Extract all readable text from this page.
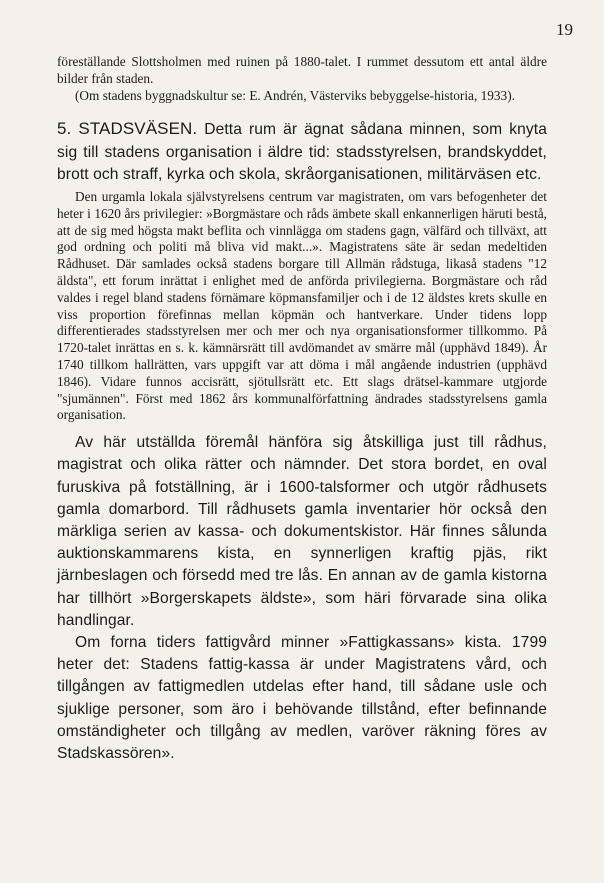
19

föreställande Slottsholmen med ruinen på 1880-talet. I rummet dessutom ett antal äldre bilder från staden.

(Om stadens byggnadskultur se: E. Andrén, Västerviks bebyggelse-historia, 1933).

5. STADSVÄSEN. Detta rum är ägnat sådana minnen, som knyta sig till stadens organisation i äldre tid: stadsstyrelsen, brandskyddet, brott och straff, kyrka och skola, skråorganisationen, militärväsen etc.

Den urgamla lokala självstyrelsens centrum var magistraten, om vars befogenheter det heter i 1620 års privilegier: »Borgmästare och råds ämbete skall enkannerligen häruti bestå, att de sig med högsta makt beflita och vinnlägga om stadens gagn, välfärd och tillväxt, att god ordning och politi må bliva vid makt...». Magistratens säte är sedan medeltiden Rådhuset. Där samlades också stadens borgare till Allmän rådstuga, likaså stadens "12 äldsta", ett forum inrättat i enlighet med de anförda privilegierna. Borgmästare och råd valdes i regel bland stadens förnämare köpmansfamiljer och i de 12 äldstes krets skulle en viss proportion förefinnas mellan köpmän och hantverkare. Under tidens lopp differentierades stadsstyrelsen mer och mer och nya organisationsformer tillkommo. På 1720-talet inrättas en s. k. kämnärsrätt till avdömandet av smärre mål (upphävd 1849). År 1740 tillkom hallrätten, vars uppgift var att döma i mål angående industrien (upphävd 1846). Vidare funnos accisrätt, sjötullsrätt etc. Ett slags drätsel-kammare utgjorde "sjumännen". Först med 1862 års kommunalförfattning ändrades stadsstyrelsens gamla organisation.

Av här utställda föremål hänföra sig åtskilliga just till rådhus, magistrat och olika rätter och nämnder. Det stora bordet, en oval furuskiva på fotställning, är i 1600-talsformer och utgör rådhusets gamla domarbord. Till rådhusets gamla inventarier hör också den märkliga serien av kassa- och dokumentskistor. Här finnes sålunda auktionskammarens kista, en synnerligen kraftig pjäs, rikt järnbeslagen och försedd med tre lås. En annan av de gamla kistorna har tillhört »Borgerskapets äldste», som häri förvarade sina olika handlingar.

Om forna tiders fattigvård minner »Fattigkassans» kista. 1799 heter det: Stadens fattig-kassa är under Magistratens vård, och tillgången av fattigmedlen utdelas efter hand, till sådane usle och sjuklige personer, som äro i behövande tillstånd, efter befinnande omständigheter och tillgång av medlen, varöver räkning föres av Stadskassören».
